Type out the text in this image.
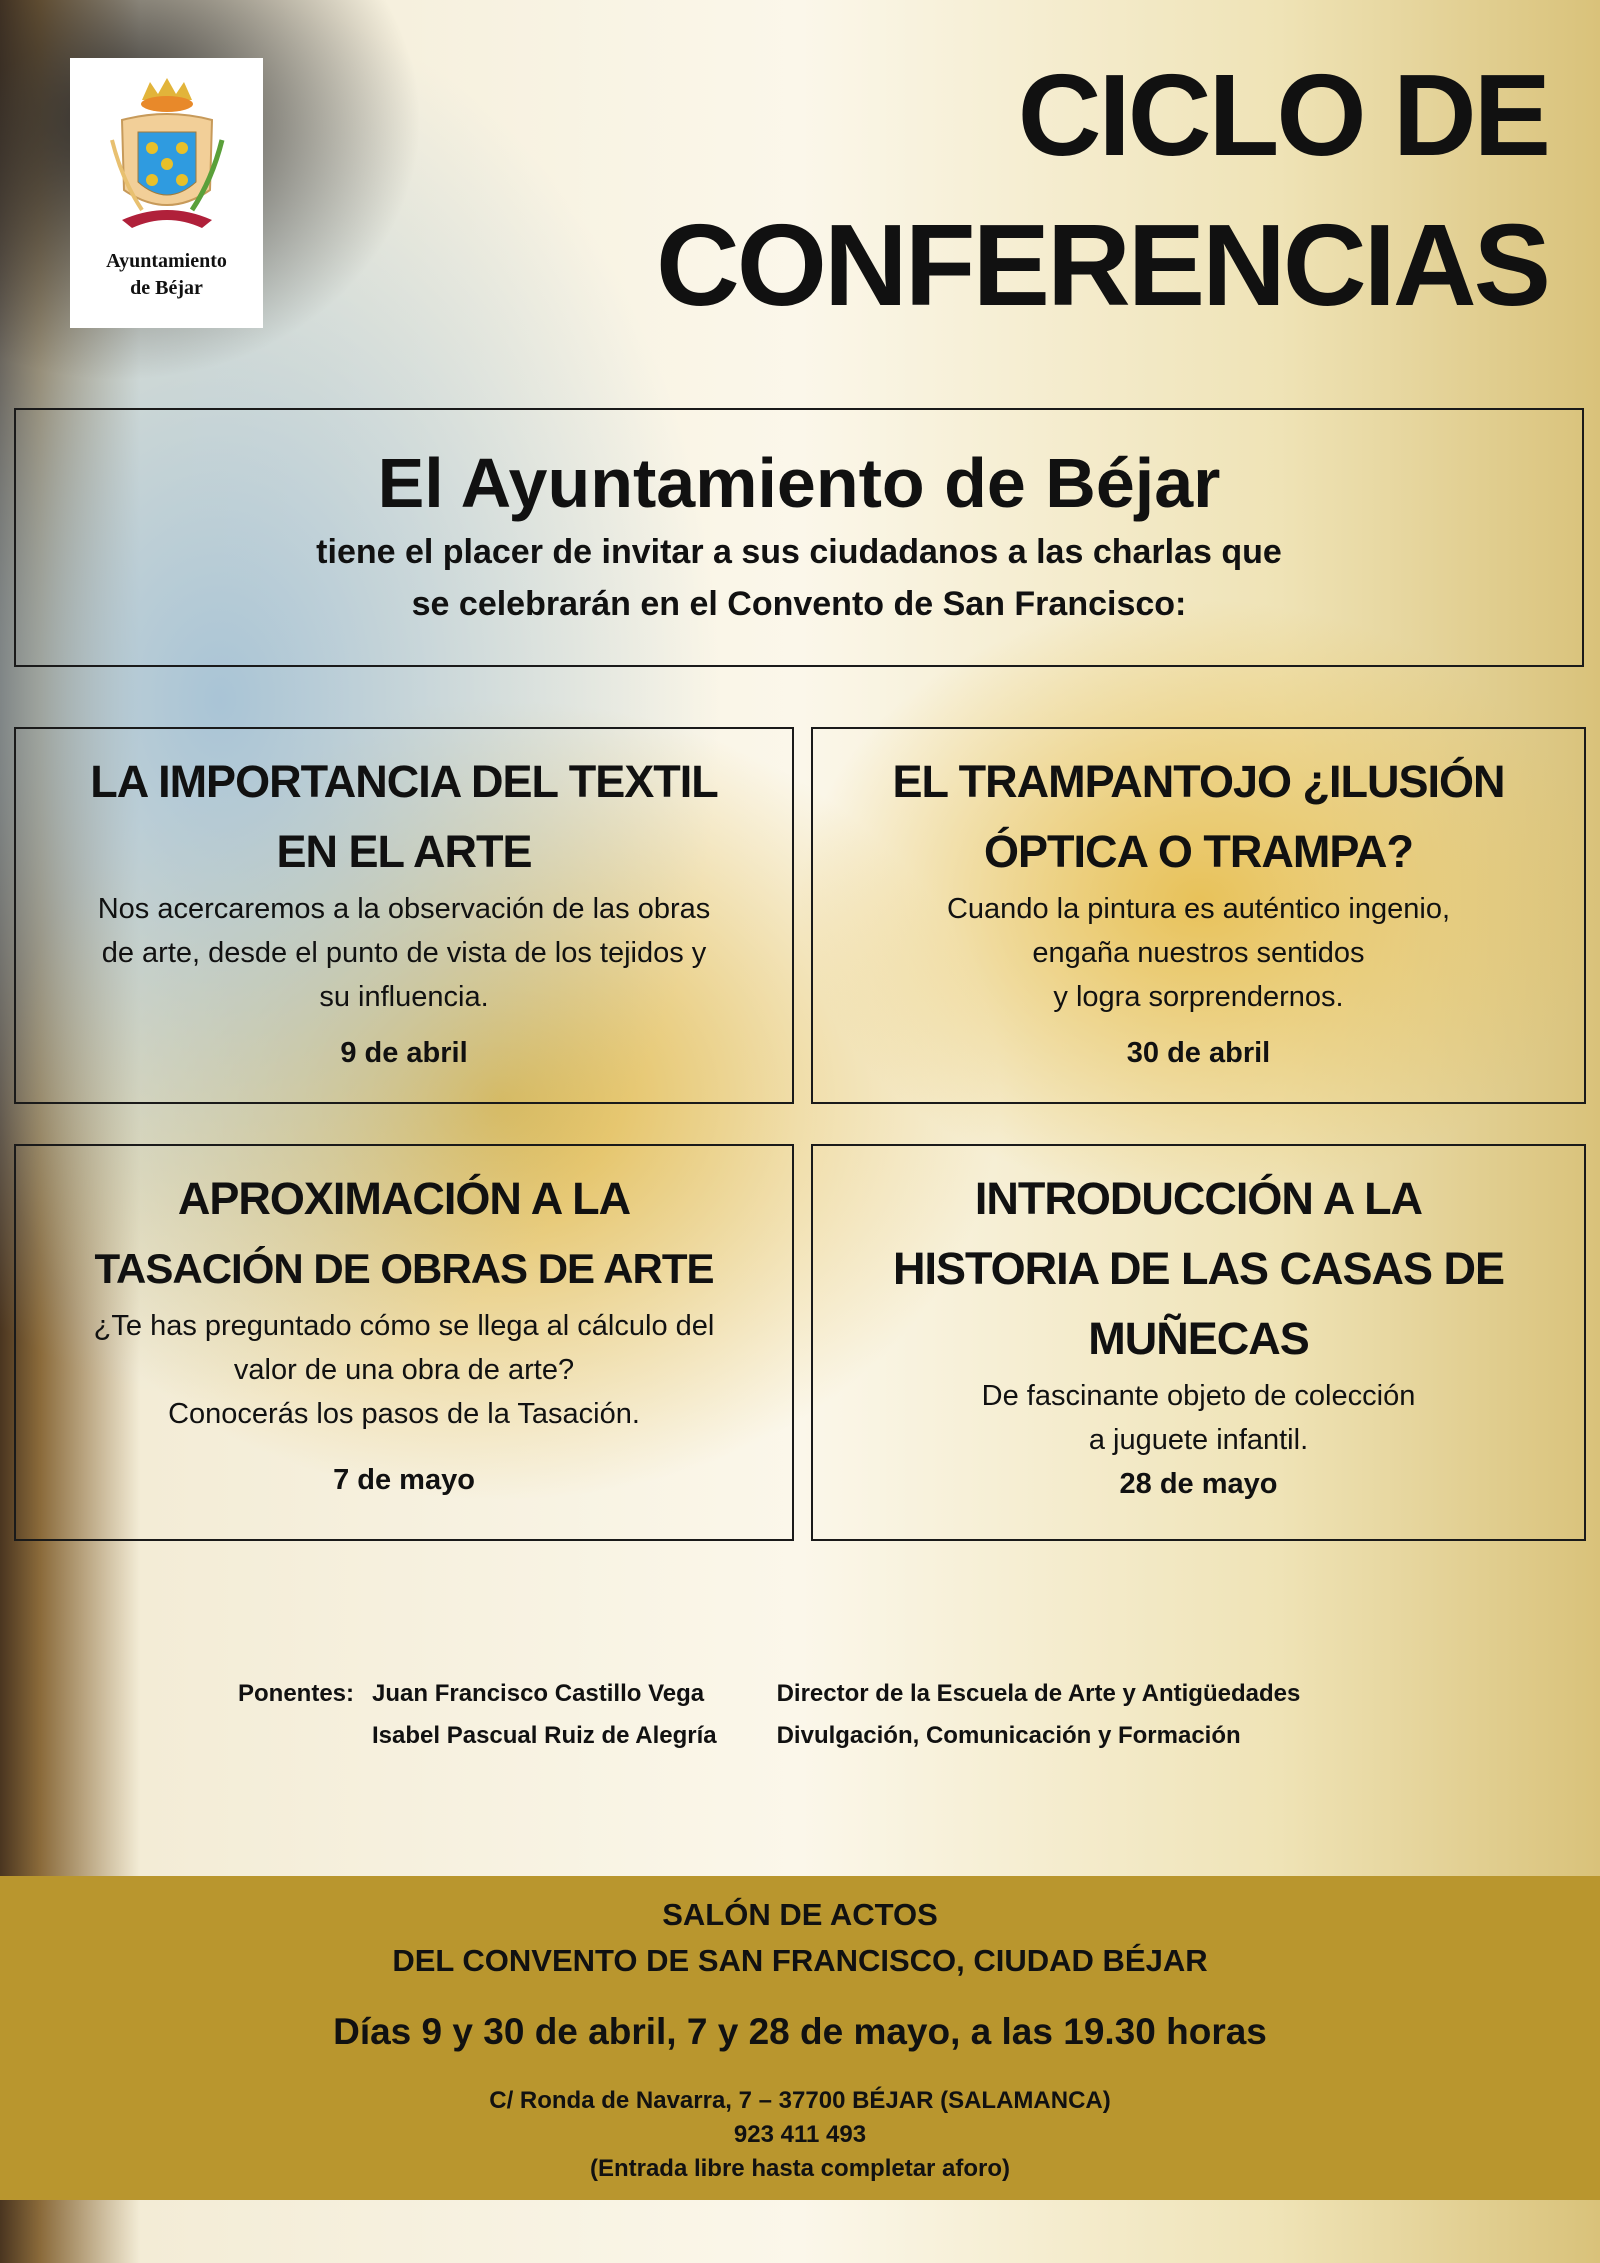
Ayuntamiento
de Béjar
CICLO DE
CONFERENCIAS
El Ayuntamiento de Béjar

tiene el placer de invitar a sus ciudadanos a las charlas que

se celebrarán en el Convento de San Francisco:

LA IMPORTANCIA DEL TEXTIL
EN EL ARTE

Nos acercaremos a la observación de las obras

de arte, desde el punto de vista de los tejidos y

su influencia.

9 de abril

EL TRAMPANTOJO ¿ILUSIÓN
ÓPTICA O TRAMPA?

Cuando la pintura es auténtico ingenio,

engaña nuestros sentidos

y logra sorprendernos.

30 de abril

APROXIMACIÓN A LA
TASACIÓN DE OBRAS DE ARTE

¿Te has preguntado cómo se llega al cálculo del

valor de una obra de arte?

Conocerás los pasos de la Tasación.

7 de mayo

INTRODUCCIÓN A LA
HISTORIA DE LAS CASAS DE
MUÑECAS

De fascinante objeto de colección

a juguete infantil.

28 de mayo

Ponentes:	Juan Francisco Castillo Vega	Director de la Escuela de Arte y Antigüedades
	Isabel Pascual Ruiz de Alegría	Divulgación, Comunicación y Formación
SALÓN DE ACTOS
DEL CONVENTO DE SAN FRANCISCO, CIUDAD BÉJAR
Días 9 y 30 de abril, 7 y 28 de mayo, a las 19.30 horas
C/ Ronda de Navarra, 7 – 37700 BÉJAR (SALAMANCA)
923 411 493
(Entrada libre hasta completar aforo)
